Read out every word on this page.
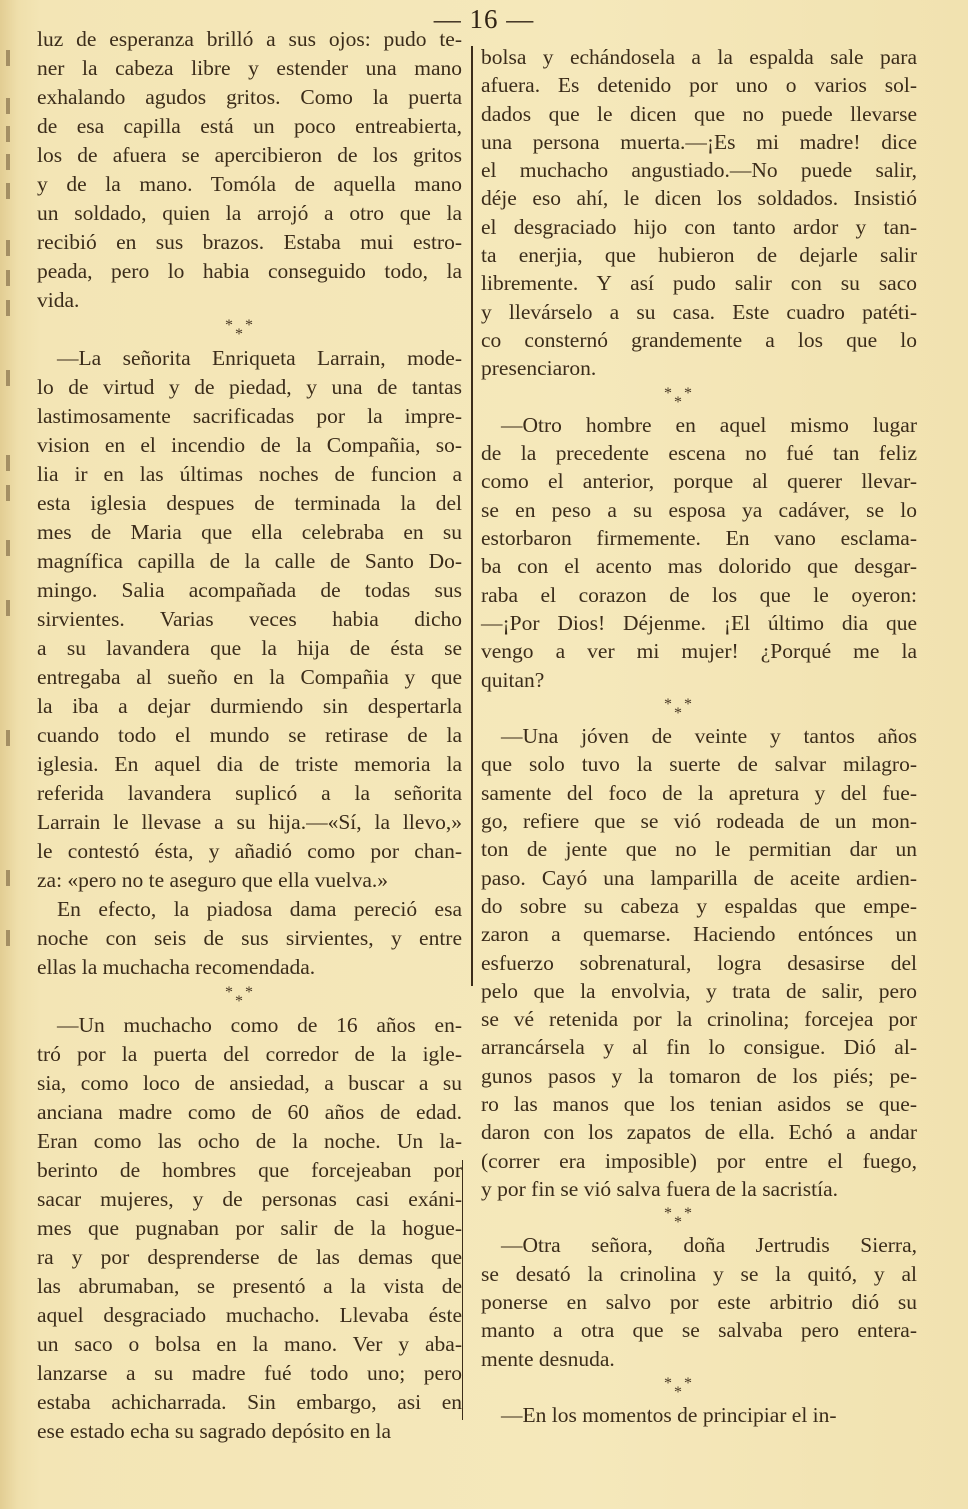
— 16 —
luz de esperanza brilló a sus ojos: pudo te-
ner la cabeza libre y estender una mano
exhalando agudos gritos. Como la puerta
de esa capilla está un poco entreabierta,
los de afuera se apercibieron de los gritos
y de la mano. Tomóla de aquella mano
un soldado, quien la arrojó a otro que la
recibió en sus brazos. Estaba mui estro-
peada, pero lo habia conseguido todo, la
vida.
* *
*
—La señorita Enriqueta Larrain, mode-
lo de virtud y de piedad, y una de tantas
lastimosamente sacrificadas por la impre-
vision en el incendio de la Compañia, so-
lia ir en las últimas noches de funcion a
esta iglesia despues de terminada la del
mes de Maria que ella celebraba en su
magnífica capilla de la calle de Santo Do-
mingo. Salia acompañada de todas sus
sirvientes. Varias veces habia dicho
a su lavandera que la hija de ésta se
entregaba al sueño en la Compañia y que
la iba a dejar durmiendo sin despertarla
cuando todo el mundo se retirase de la
iglesia. En aquel dia de triste memoria la
referida lavandera suplicó a la señorita
Larrain le llevase a su hija.—«Sí, la llevo,»
le contestó ésta, y añadió como por chan-
za: «pero no te aseguro que ella vuelva.»
En efecto, la piadosa dama pereció esa
noche con seis de sus sirvientes, y entre
ellas la muchacha recomendada.
* *
*
—Un muchacho como de 16 años en-
tró por la puerta del corredor de la igle-
sia, como loco de ansiedad, a buscar a su
anciana madre como de 60 años de edad.
Eran como las ocho de la noche. Un la-
berinto de hombres que forcejeaban por
sacar mujeres, y de personas casi exáni-
mes que pugnaban por salir de la hogue-
ra y por desprenderse de las demas que
las abrumaban, se presentó a la vista de
aquel desgraciado muchacho. Llevaba éste
un saco o bolsa en la mano. Ver y aba-
lanzarse a su madre fué todo uno; pero
estaba achicharrada. Sin embargo, asi en
ese estado echa su sagrado depósito en la
bolsa y echándosela a la espalda sale para
afuera. Es detenido por uno o varios sol-
dados que le dicen que no puede llevarse
una persona muerta.—¡Es mi madre! dice
el muchacho angustiado.—No puede salir,
déje eso ahí, le dicen los soldados. Insistió
el desgraciado hijo con tanto ardor y tan-
ta enerjia, que hubieron de dejarle salir
libremente. Y así pudo salir con su saco
y llevárselo a su casa. Este cuadro patéti-
co consternó grandemente a los que lo
presenciaron.
* *
*
—Otro hombre en aquel mismo lugar
de la precedente escena no fué tan feliz
como el anterior, porque al querer llevar-
se en peso a su esposa ya cadáver, se lo
estorbaron firmemente. En vano esclama-
ba con el acento mas dolorido que desgar-
raba el corazon de los que le oyeron:
—¡Por Dios! Déjenme. ¡El último dia que
vengo a ver mi mujer! ¿Porqué me la
quitan?
* *
*
—Una jóven de veinte y tantos años
que solo tuvo la suerte de salvar milagro-
samente del foco de la apretura y del fue-
go, refiere que se vió rodeada de un mon-
ton de jente que no le permitian dar un
paso. Cayó una lamparilla de aceite ardien-
do sobre su cabeza y espaldas que empe-
zaron a quemarse. Haciendo entónces un
esfuerzo sobrenatural, logra desasirse del
pelo que la envolvia, y trata de salir, pero
se vé retenida por la crinolina; forcejea por
arrancársela y al fin lo consigue. Dió al-
gunos pasos y la tomaron de los piés; pe-
ro las manos que los tenian asidos se que-
daron con los zapatos de ella. Echó a andar
(correr era imposible) por entre el fuego,
y por fin se vió salva fuera de la sacristía.
* *
*
—Otra señora, doña Jertrudis Sierra,
se desató la crinolina y se la quitó, y al
ponerse en salvo por este arbitrio dió su
manto a otra que se salvaba pero entera-
mente desnuda.
* *
*
—En los momentos de principiar el in-
